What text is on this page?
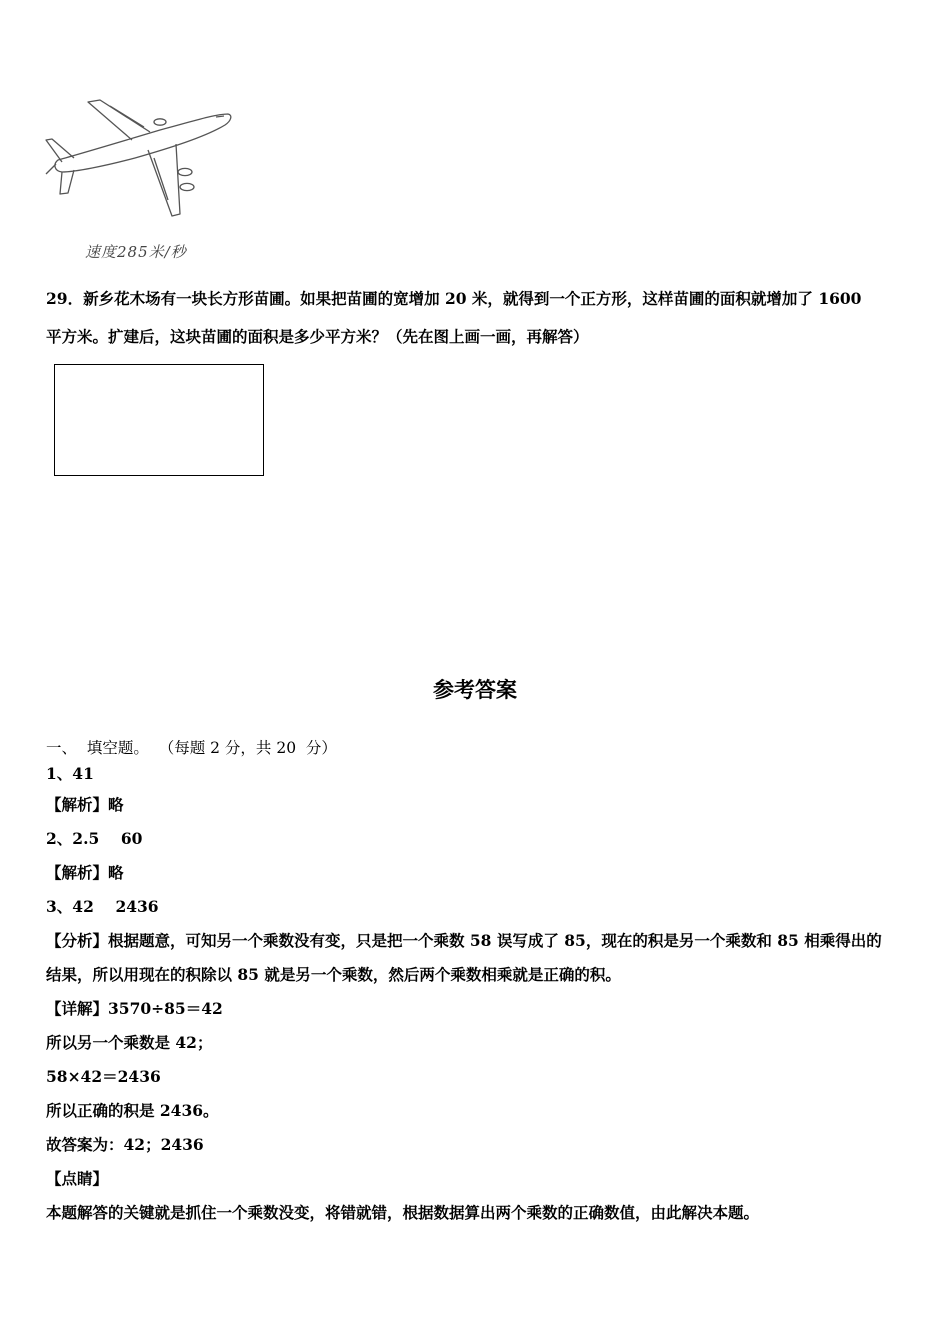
速度285米/秒

29．新乡花木场有一块长方形苗圃。如果把苗圃的宽增加 20 米，就得到一个正方形，这样苗圃的面积就增加了 1600

平方米。扩建后，这块苗圃的面积是多少平方米？（先在图上画一画，再解答）

参考答案

一、  填空题。  （每题 2 分，共 20  分）

1、41

【解析】略

2、2.5    60

【解析】略

3、42    2436

【分析】根据题意，可知另一个乘数没有变，只是把一个乘数 58 误写成了 85，现在的积是另一个乘数和 85 相乘得出的

结果，所以用现在的积除以 85 就是另一个乘数，然后两个乘数相乘就是正确的积。

【详解】3570÷85＝42

所以另一个乘数是 42；

58×42＝2436

所以正确的积是 2436。

故答案为：42；2436

【点睛】

本题解答的关键就是抓住一个乘数没变，将错就错，根据数据算出两个乘数的正确数值，由此解决本题。
